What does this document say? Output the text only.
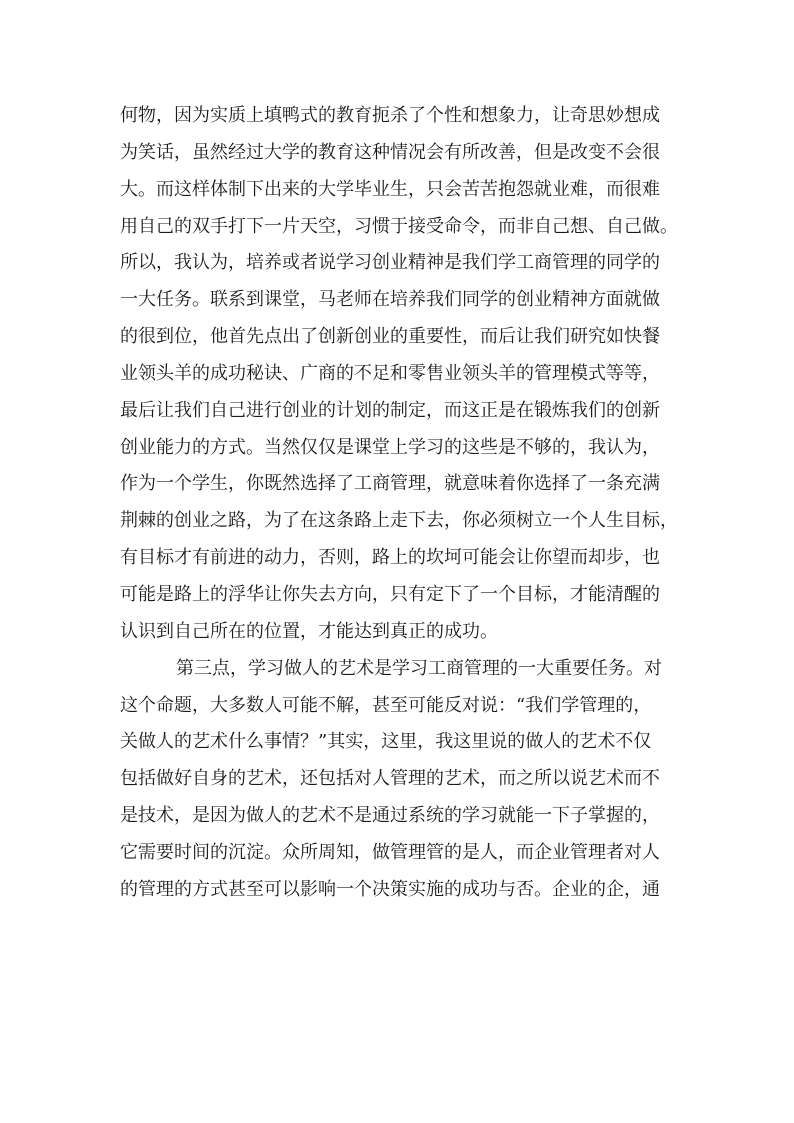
何物，因为实质上填鸭式的教育扼杀了个性和想象力，让奇思妙想成
为笑话，虽然经过大学的教育这种情况会有所改善，但是改变不会很
大。而这样体制下出来的大学毕业生，只会苦苦抱怨就业难，而很难
用自己的双手打下一片天空，习惯于接受命令，而非自己想、自己做。
所以，我认为，培养或者说学习创业精神是我们学工商管理的同学的
一大任务。联系到课堂，马老师在培养我们同学的创业精神方面就做
的很到位，他首先点出了创新创业的重要性，而后让我们研究如快餐
业领头羊的成功秘诀、广商的不足和零售业领头羊的管理模式等等，
最后让我们自己进行创业的计划的制定，而这正是在锻炼我们的创新
创业能力的方式。当然仅仅是课堂上学习的这些是不够的，我认为，
作为一个学生，你既然选择了工商管理，就意味着你选择了一条充满
荆棘的创业之路，为了在这条路上走下去，你必须树立一个人生目标，
有目标才有前进的动力，否则，路上的坎坷可能会让你望而却步，也
可能是路上的浮华让你失去方向，只有定下了一个目标，才能清醒的
认识到自己所在的位置，才能达到真正的成功。
第三点，学习做人的艺术是学习工商管理的一大重要任务。对
这个命题，大多数人可能不解，甚至可能反对说：“我们学管理的，
关做人的艺术什么事情？”其实，这里，我这里说的做人的艺术不仅
包括做好自身的艺术，还包括对人管理的艺术，而之所以说艺术而不
是技术，是因为做人的艺术不是通过系统的学习就能一下子掌握的，
它需要时间的沉淀。众所周知，做管理管的是人，而企业管理者对人
的管理的方式甚至可以影响一个决策实施的成功与否。企业的企，通
